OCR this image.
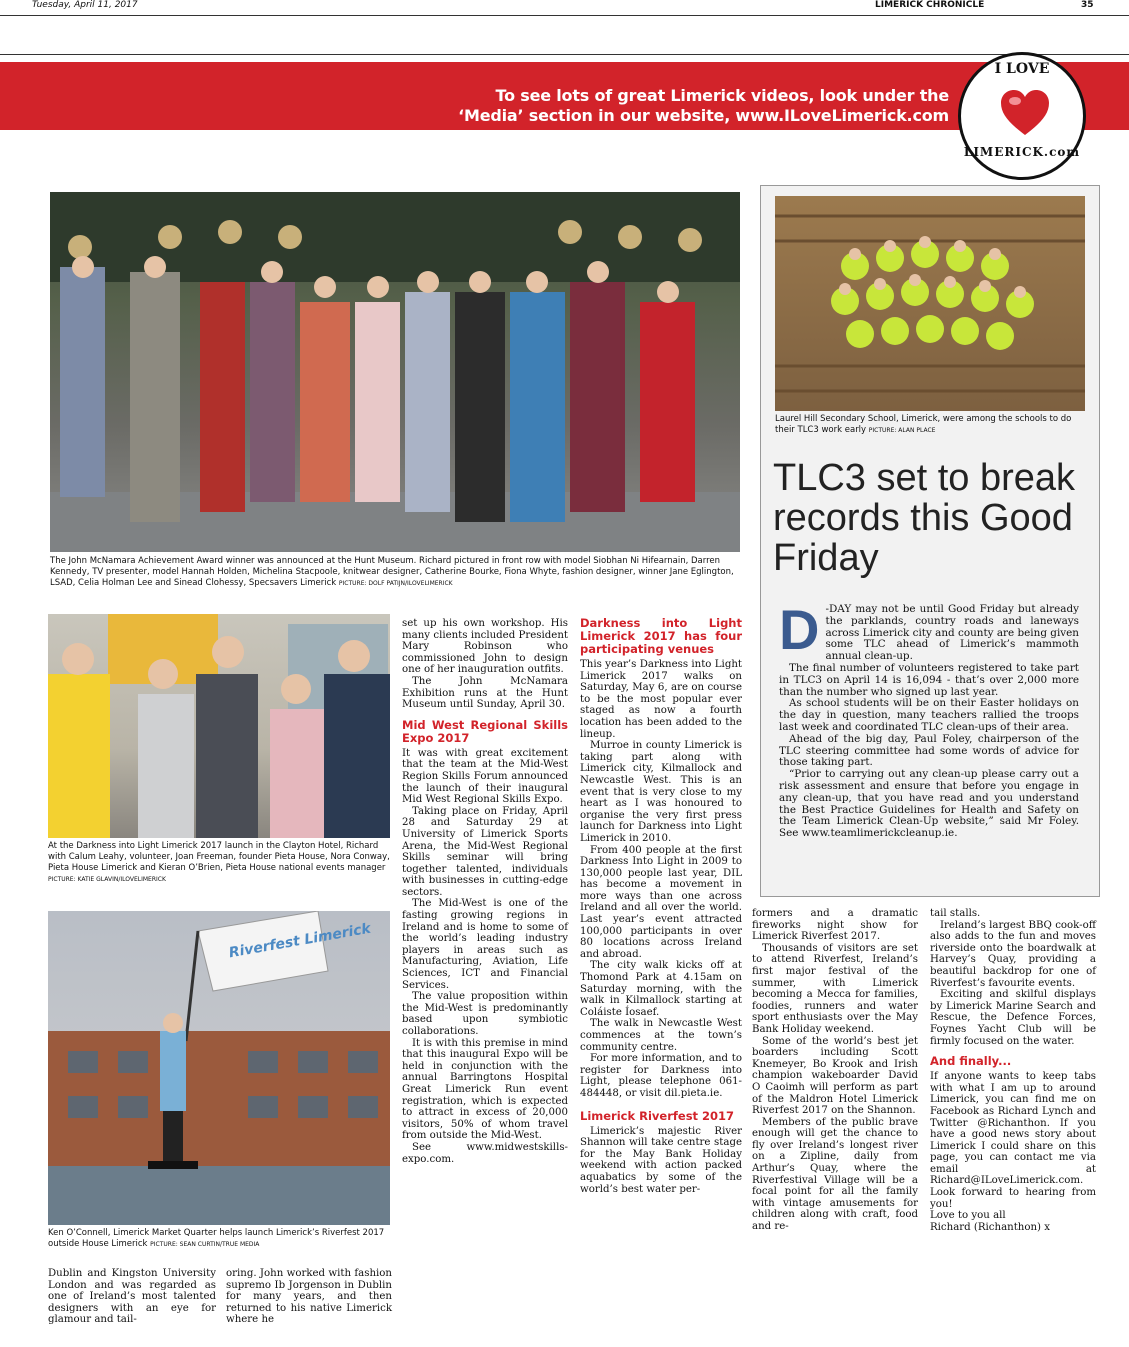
Tuesday, April 11, 2017	LIMERICK CHRONICLE	35
To see lots of great Limerick videos, look under the
‘Media’ section in our website, www.ILoveLimerick.com
I LOVE
LIMERICK.com
The John McNamara Achievement Award winner was announced at the Hunt Museum. Richard pictured in front row with model Siobhan Ni Hifearnain, Darren Kennedy, TV presenter, model Hannah Holden, Michelina Stacpoole, knitwear designer, Catherine Bourke, Fiona Whyte, fashion designer, winner Jane Eglington, LSAD, Celia Holman Lee and Sinead Clohessy, Specsavers Limerick PICTURE: DOLF PATIJN/ILOVELIMERICK
At the Darkness into Light Limerick 2017 launch in the Clayton Hotel, Richard with Calum Leahy, volunteer, Joan Freeman, founder Pieta House, Nora Conway, Pieta House Limerick and Kieran O’Brien, Pieta House national events manager PICTURE: KATIE GLAVIN/ILOVELIMERICK
Riverfest Limerick
Ken O’Connell, Limerick Market Quarter helps launch Limerick’s Riverfest 2017 outside House Limerick PICTURE: SEAN CURTIN/TRUE MEDIA

Dublin and Kingston University London and was regarded as one of Ireland’s most talented designers with an eye for glamour and tail-

oring. John worked with fashion supremo Ib Jorgenson in Dublin for many years, and then returned to his native Limerick where he

set up his own workshop. His many clients included President Mary Robinson who commissioned John to design one of her inauguration outfits.

The John McNamara Exhibition runs at the Hunt Museum until Sunday, April 30.

Mid West Regional Skills Expo 2017

It was with great excitement that the team at the Mid-West Region Skills Forum announced the launch of their inaugural Mid West Regional Skills Expo.

Taking place on Friday, April 28 and Saturday 29 at University of Limerick Sports Arena, the Mid-West Regional Skills seminar will bring together talented, individuals with businesses in cutting-edge sectors.

The Mid-West is one of the fasting growing regions in Ireland and is home to some of the world’s leading industry players in areas such as Manufacturing, Aviation, Life Sciences, ICT and Financial Services.

The value proposition within the Mid-West is predominantly based upon symbiotic collaborations.

It is with this premise in mind that this inaugural Expo will be held in conjunction with the annual Barringtons Hospital Great Limerick Run event registration, which is expected to attract in excess of 20,000 visitors, 50% of whom travel from outside the Mid-West.

See www.midwestskills-expo.com.

Darkness into Light Limerick 2017 has four participating venues

This year’s Darkness into Light Limerick 2017 walks on Saturday, May 6, are on course to be the most popular ever staged as now a fourth location has been added to the lineup.

Murroe in county Limerick is taking part along with Limerick city, Kilmallock and Newcastle West. This is an event that is very close to my heart as I was honoured to organise the very first press launch for Darkness into Light Limerick in 2010.

From 400 people at the first Darkness Into Light in 2009 to 130,000 people last year, DIL has become a movement in more ways than one across Ireland and all over the world. Last year’s event attracted 100,000 participants in over 80 locations across Ireland and abroad.

The city walk kicks off at Thomond Park at 4.15am on Saturday morning, with the walk in Kilmallock starting at Coláiste Íosaef.

The walk in Newcastle West commences at the town’s community centre.

For more information, and to register for Darkness into Light, please telephone 061-484448, or visit dil.pieta.ie.

Limerick Riverfest 2017

Limerick’s majestic River Shannon will take centre stage for the May Bank Holiday weekend with action packed aquabatics by some of the world’s best water per-

formers and a dramatic fireworks night show for Limerick Riverfest 2017.

Thousands of visitors are set to attend Riverfest, Ireland’s first major festival of the summer, with Limerick becoming a Mecca for families, foodies, runners and water sport enthusiasts over the May Bank Holiday weekend.

Some of the world’s best jet boarders including Scott Knemeyer, Bo Krook and Irish champion wakeboarder David O Caoimh will perform as part of the Maldron Hotel Limerick Riverfest 2017 on the Shannon.

Members of the public brave enough will get the chance to fly over Ireland’s longest river on a Zipline, daily from Arthur’s Quay, where the Riverfestival Village will be a focal point for all the family with vintage amusements for children along with craft, food and re-

tail stalls.

Ireland’s largest BBQ cook-off also adds to the fun and moves riverside onto the boardwalk at Harvey’s Quay, providing a beautiful backdrop for one of Riverfest’s favourite events.

Exciting and skilful displays by Limerick Marine Search and Rescue, the Defence Forces, Foynes Yacht Club will be firmly focused on the water.

And finally...

If anyone wants to keep tabs with what I am up to around Limerick, you can find me on Facebook as Richard Lynch and Twitter @Richanthon. If you have a good news story about Limerick I could share on this page, you can contact me via email at Richard@ILoveLimerick.com. Look forward to hearing from you!

Love to you all

Richard (Richanthon) x

Laurel Hill Secondary School, Limerick, were among the schools to do their TLC3 work early PICTURE: ALAN PLACE
TLC3 set to break records this Good Friday
D -DAY may not be until Good Friday but already the parklands, country roads and laneways across Limerick city and county are being given some TLC ahead of Limerick’s mammoth annual clean-up.

The final number of volunteers registered to take part in TLC3 on April 14 is 16,094 - that’s over 2,000 more than the number who signed up last year.

As school students will be on their Easter holidays on the day in question, many teachers rallied the troops last week and coordinated TLC clean-ups of their area.

Ahead of the big day, Paul Foley, chairperson of the TLC steering committee had some words of advice for those taking part.

“Prior to carrying out any clean-up please carry out a risk assessment and ensure that before you engage in any clean-up, that you have read and you understand the Best Practice Guidelines for Health and Safety on the Team Limerick Clean-Up website,” said Mr Foley. See www.teamlimerickcleanup.ie.
